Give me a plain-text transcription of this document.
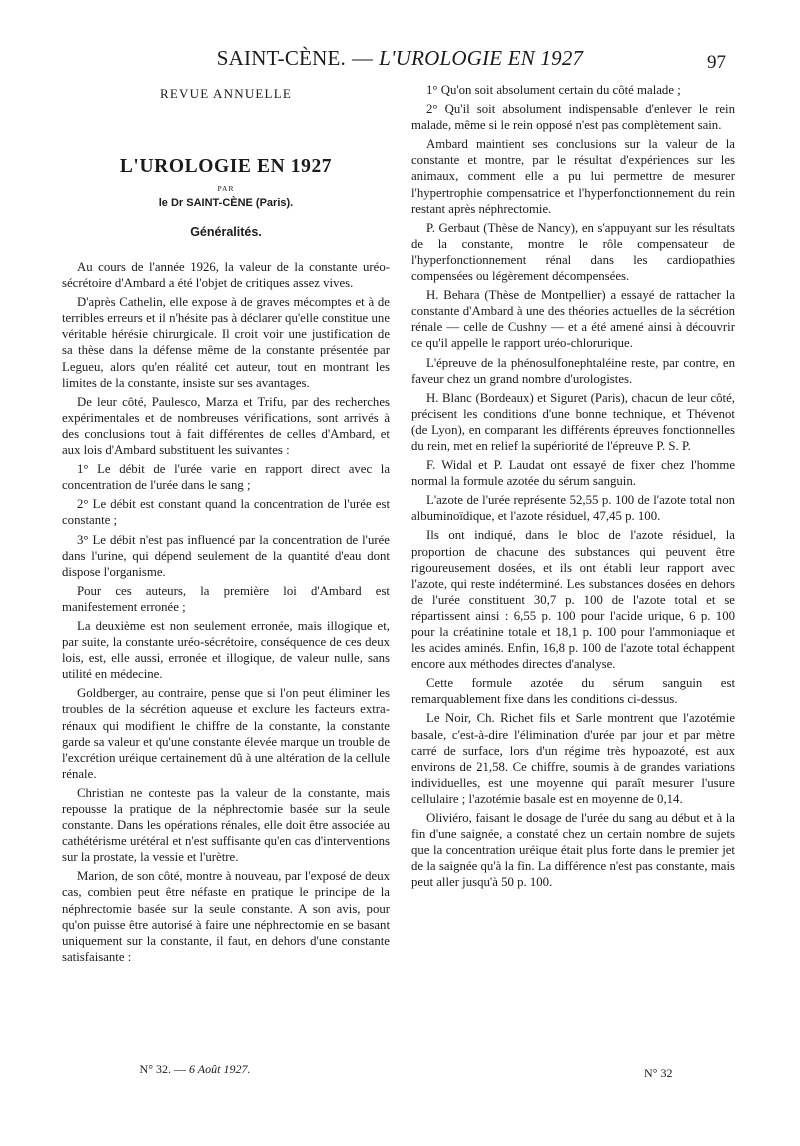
SAINT-CÈNE. — L'UROLOGIE EN 1927	97
REVUE ANNUELLE
L'UROLOGIE EN 1927
PAR
le Dr SAINT-CÈNE (Paris).
Généralités.

Au cours de l'année 1926, la valeur de la constante uréo-sécrétoire d'Ambard a été l'objet de critiques assez vives.

D'après Cathelin, elle expose à de graves mécomptes et à de terribles erreurs et il n'hésite pas à déclarer qu'elle constitue une véritable hérésie chirurgicale. Il croit voir une justification de sa thèse dans la défense même de la constante présentée par Legueu, alors qu'en réalité cet auteur, tout en montrant les limites de la constante, insiste sur ses avantages.

De leur côté, Paulesco, Marza et Trifu, par des recherches expérimentales et de nombreuses vérifications, sont arrivés à des conclusions tout à fait différentes de celles d'Ambard, et aux lois d'Ambard substituent les suivantes :

1° Le débit de l'urée varie en rapport direct avec la concentration de l'urée dans le sang ;

2° Le débit est constant quand la concentration de l'urée est constante ;

3° Le débit n'est pas influencé par la concentration de l'urée dans l'urine, qui dépend seulement de la quantité d'eau dont dispose l'organisme.

Pour ces auteurs, la première loi d'Ambard est manifestement erronée ;

La deuxième est non seulement erronée, mais illogique et, par suite, la constante uréo-sécrétoire, conséquence de ces deux lois, est, elle aussi, erronée et illogique, de valeur nulle, sans utilité en médecine.

Goldberger, au contraire, pense que si l'on peut éliminer les troubles de la sécrétion aqueuse et exclure les facteurs extra-rénaux qui modifient le chiffre de la constante, la constante garde sa valeur et qu'une constante élevée marque un trouble de l'excrétion uréique certainement dû à une altération de la cellule rénale.

Christian ne conteste pas la valeur de la constante, mais repousse la pratique de la néphrectomie basée sur la seule constante. Dans les opérations rénales, elle doit être associée au cathétérisme urétéral et n'est suffisante qu'en cas d'interventions sur la prostate, la vessie et l'urètre.

Marion, de son côté, montre à nouveau, par l'exposé de deux cas, combien peut être néfaste en pratique le principe de la néphrectomie basée sur la seule constante. A son avis, pour qu'on puisse être autorisé à faire une néphrectomie en se basant uniquement sur la constante, il faut, en dehors d'une constante satisfaisante :

1° Qu'on soit absolument certain du côté malade ;

2° Qu'il soit absolument indispensable d'enlever le rein malade, même si le rein opposé n'est pas complètement sain.

Ambard maintient ses conclusions sur la valeur de la constante et montre, par le résultat d'expériences sur les animaux, comment elle a pu lui permettre de mesurer l'hypertrophie compensatrice et l'hyperfonctionnement du rein restant après néphrectomie.

P. Gerbaut (Thèse de Nancy), en s'appuyant sur les résultats de la constante, montre le rôle compensateur de l'hyperfonctionnement rénal dans les cardiopathies compensées ou légèrement décompensées.

H. Behara (Thèse de Montpellier) a essayé de rattacher la constante d'Ambard à une des théories actuelles de la sécrétion rénale — celle de Cushny — et a été amené ainsi à découvrir ce qu'il appelle le rapport uréo-chlorurique.

L'épreuve de la phénosulfonephtaléine reste, par contre, en faveur chez un grand nombre d'urologistes.

H. Blanc (Bordeaux) et Siguret (Paris), chacun de leur côté, précisent les conditions d'une bonne technique, et Thévenot (de Lyon), en comparant les différents épreuves fonctionnelles du rein, met en relief la supériorité de l'épreuve P. S. P.

F. Widal et P. Laudat ont essayé de fixer chez l'homme normal la formule azotée du sérum sanguin.

L'azote de l'urée représente 52,55 p. 100 de l'azote total non albuminoïdique, et l'azote résiduel, 47,45 p. 100.

Ils ont indiqué, dans le bloc de l'azote résiduel, la proportion de chacune des substances qui peuvent être rigoureusement dosées, et ils ont établi leur rapport avec l'azote, qui reste indéterminé. Les substances dosées en dehors de l'urée constituent 30,7 p. 100 de l'azote total et se répartissent ainsi : 6,55 p. 100 pour l'acide urique, 6 p. 100 pour la créatinine totale et 18,1 p. 100 pour l'ammoniaque et les acides aminés. Enfin, 16,8 p. 100 de l'azote total échappent encore aux méthodes directes d'analyse.

Cette formule azotée du sérum sanguin est remarquablement fixe dans les conditions ci-dessus.

Le Noir, Ch. Richet fils et Sarle montrent que l'azotémie basale, c'est-à-dire l'élimination d'urée par jour et par mètre carré de surface, lors d'un régime très hypoazoté, est aux environs de 21,58. Ce chiffre, soumis à de grandes variations individuelles, est une moyenne qui paraît mesurer l'usure cellulaire ; l'azotémie basale est en moyenne de 0,14.

Oliviéro, faisant le dosage de l'urée du sang au début et à la fin d'une saignée, a constaté chez un certain nombre de sujets que la concentration uréique était plus forte dans le premier jet de la saignée qu'à la fin. La différence n'est pas constante, mais peut aller jusqu'à 50 p. 100.

N° 32. — 6 Août 1927.	N° 32
